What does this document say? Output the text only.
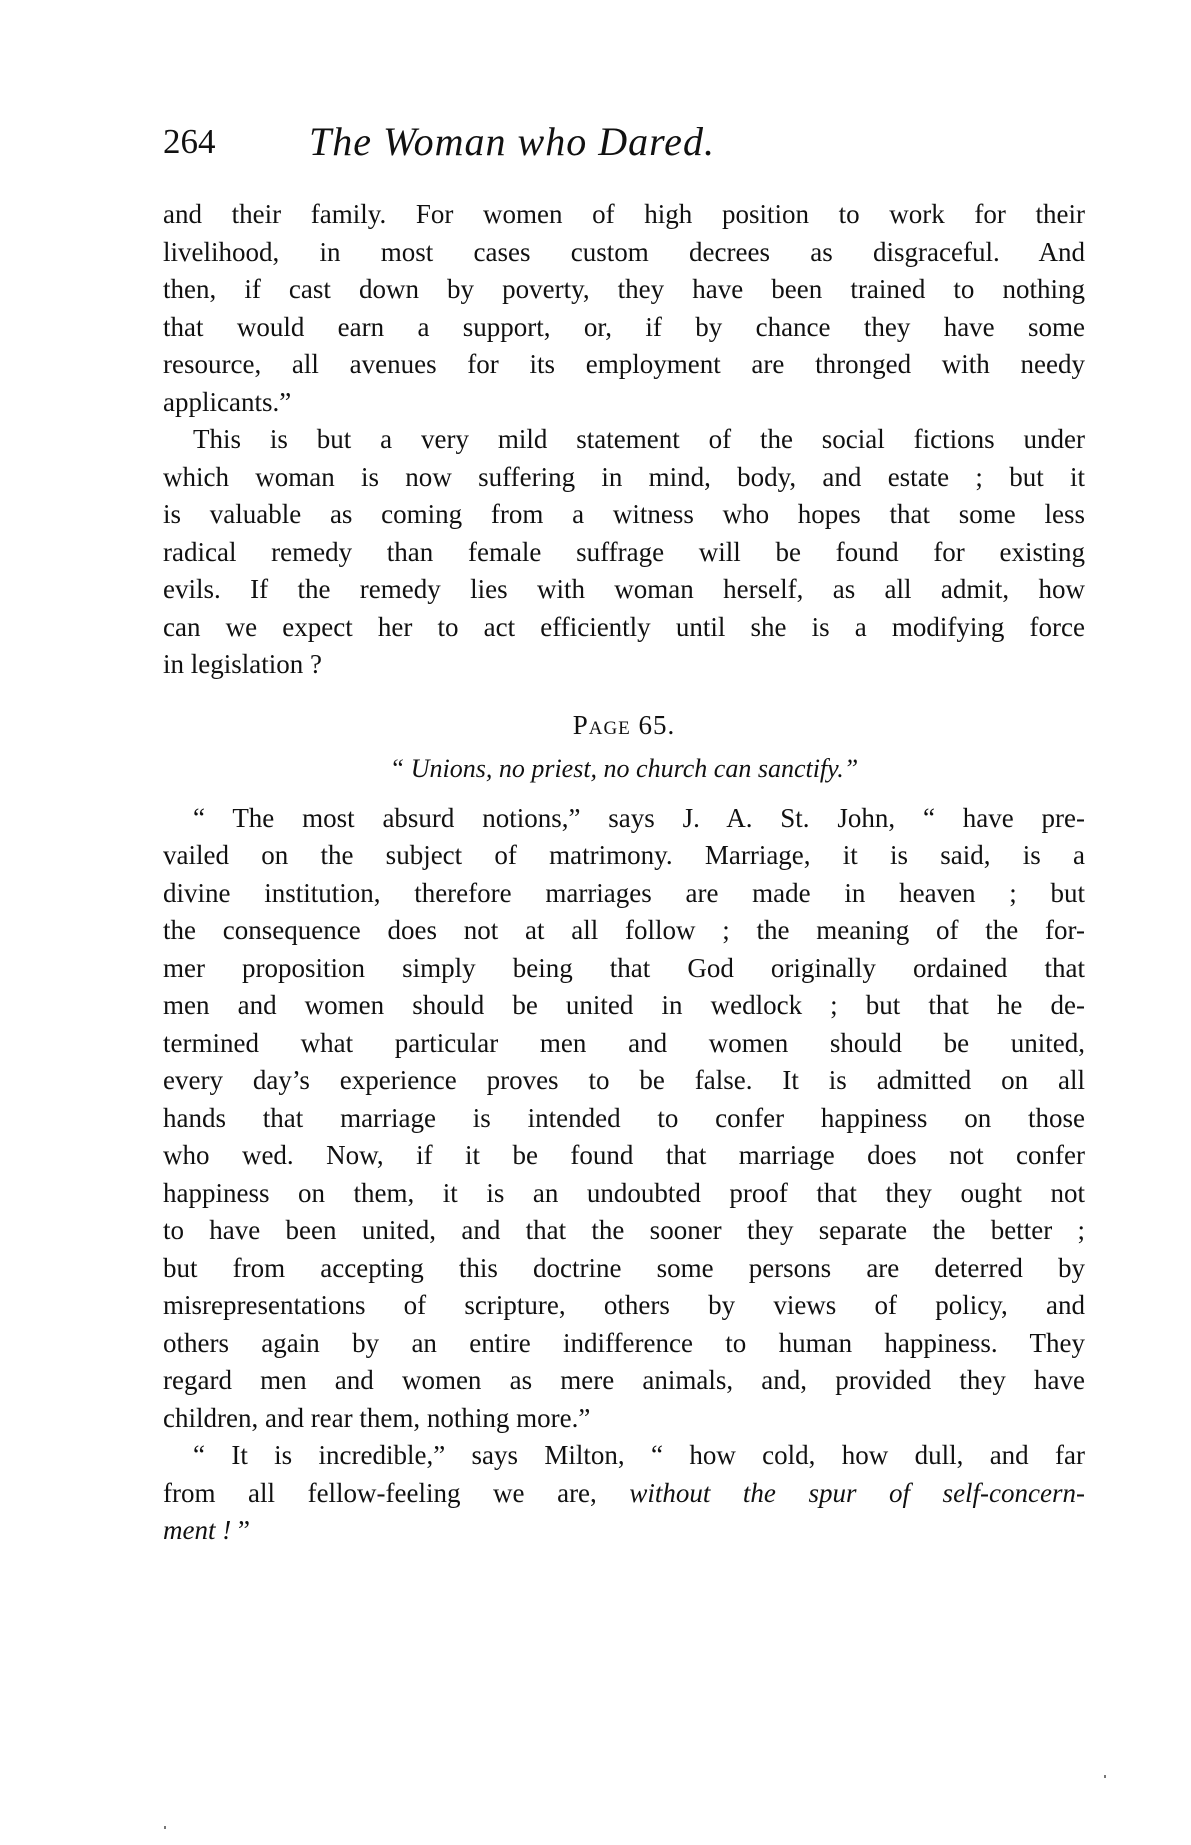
264 The Woman who Dared.
and their family. For women of high position to work for their
livelihood, in most cases custom decrees as disgraceful. And
then, if cast down by poverty, they have been trained to nothing
that would earn a support, or, if by chance they have some
resource, all avenues for its employment are thronged with needy
applicants.”
This is but a very mild statement of the social fictions under
which woman is now suffering in mind, body, and estate ; but it
is valuable as coming from a witness who hopes that some less
radical remedy than female suffrage will be found for existing
evils. If the remedy lies with woman herself, as all admit, how
can we expect her to act efficiently until she is a modifying force
in legislation ?
Page 65.
“ Unions, no priest, no church can sanctify.”
“ The most absurd notions,” says J. A. St. John, “ have pre-
vailed on the subject of matrimony. Marriage, it is said, is a
divine institution, therefore marriages are made in heaven ; but
the consequence does not at all follow ; the meaning of the for-
mer proposition simply being that God originally ordained that
men and women should be united in wedlock ; but that he de-
termined what particular men and women should be united,
every day’s experience proves to be false. It is admitted on all
hands that marriage is intended to confer happiness on those
who wed. Now, if it be found that marriage does not confer
happiness on them, it is an undoubted proof that they ought not
to have been united, and that the sooner they separate the better ;
but from accepting this doctrine some persons are deterred by
misrepresentations of scripture, others by views of policy, and
others again by an entire indifference to human happiness. They
regard men and women as mere animals, and, provided they have
children, and rear them, nothing more.”
“ It is incredible,” says Milton, “ how cold, how dull, and far
from all fellow-feeling we are, without the spur of self-concern-
ment ! ”
